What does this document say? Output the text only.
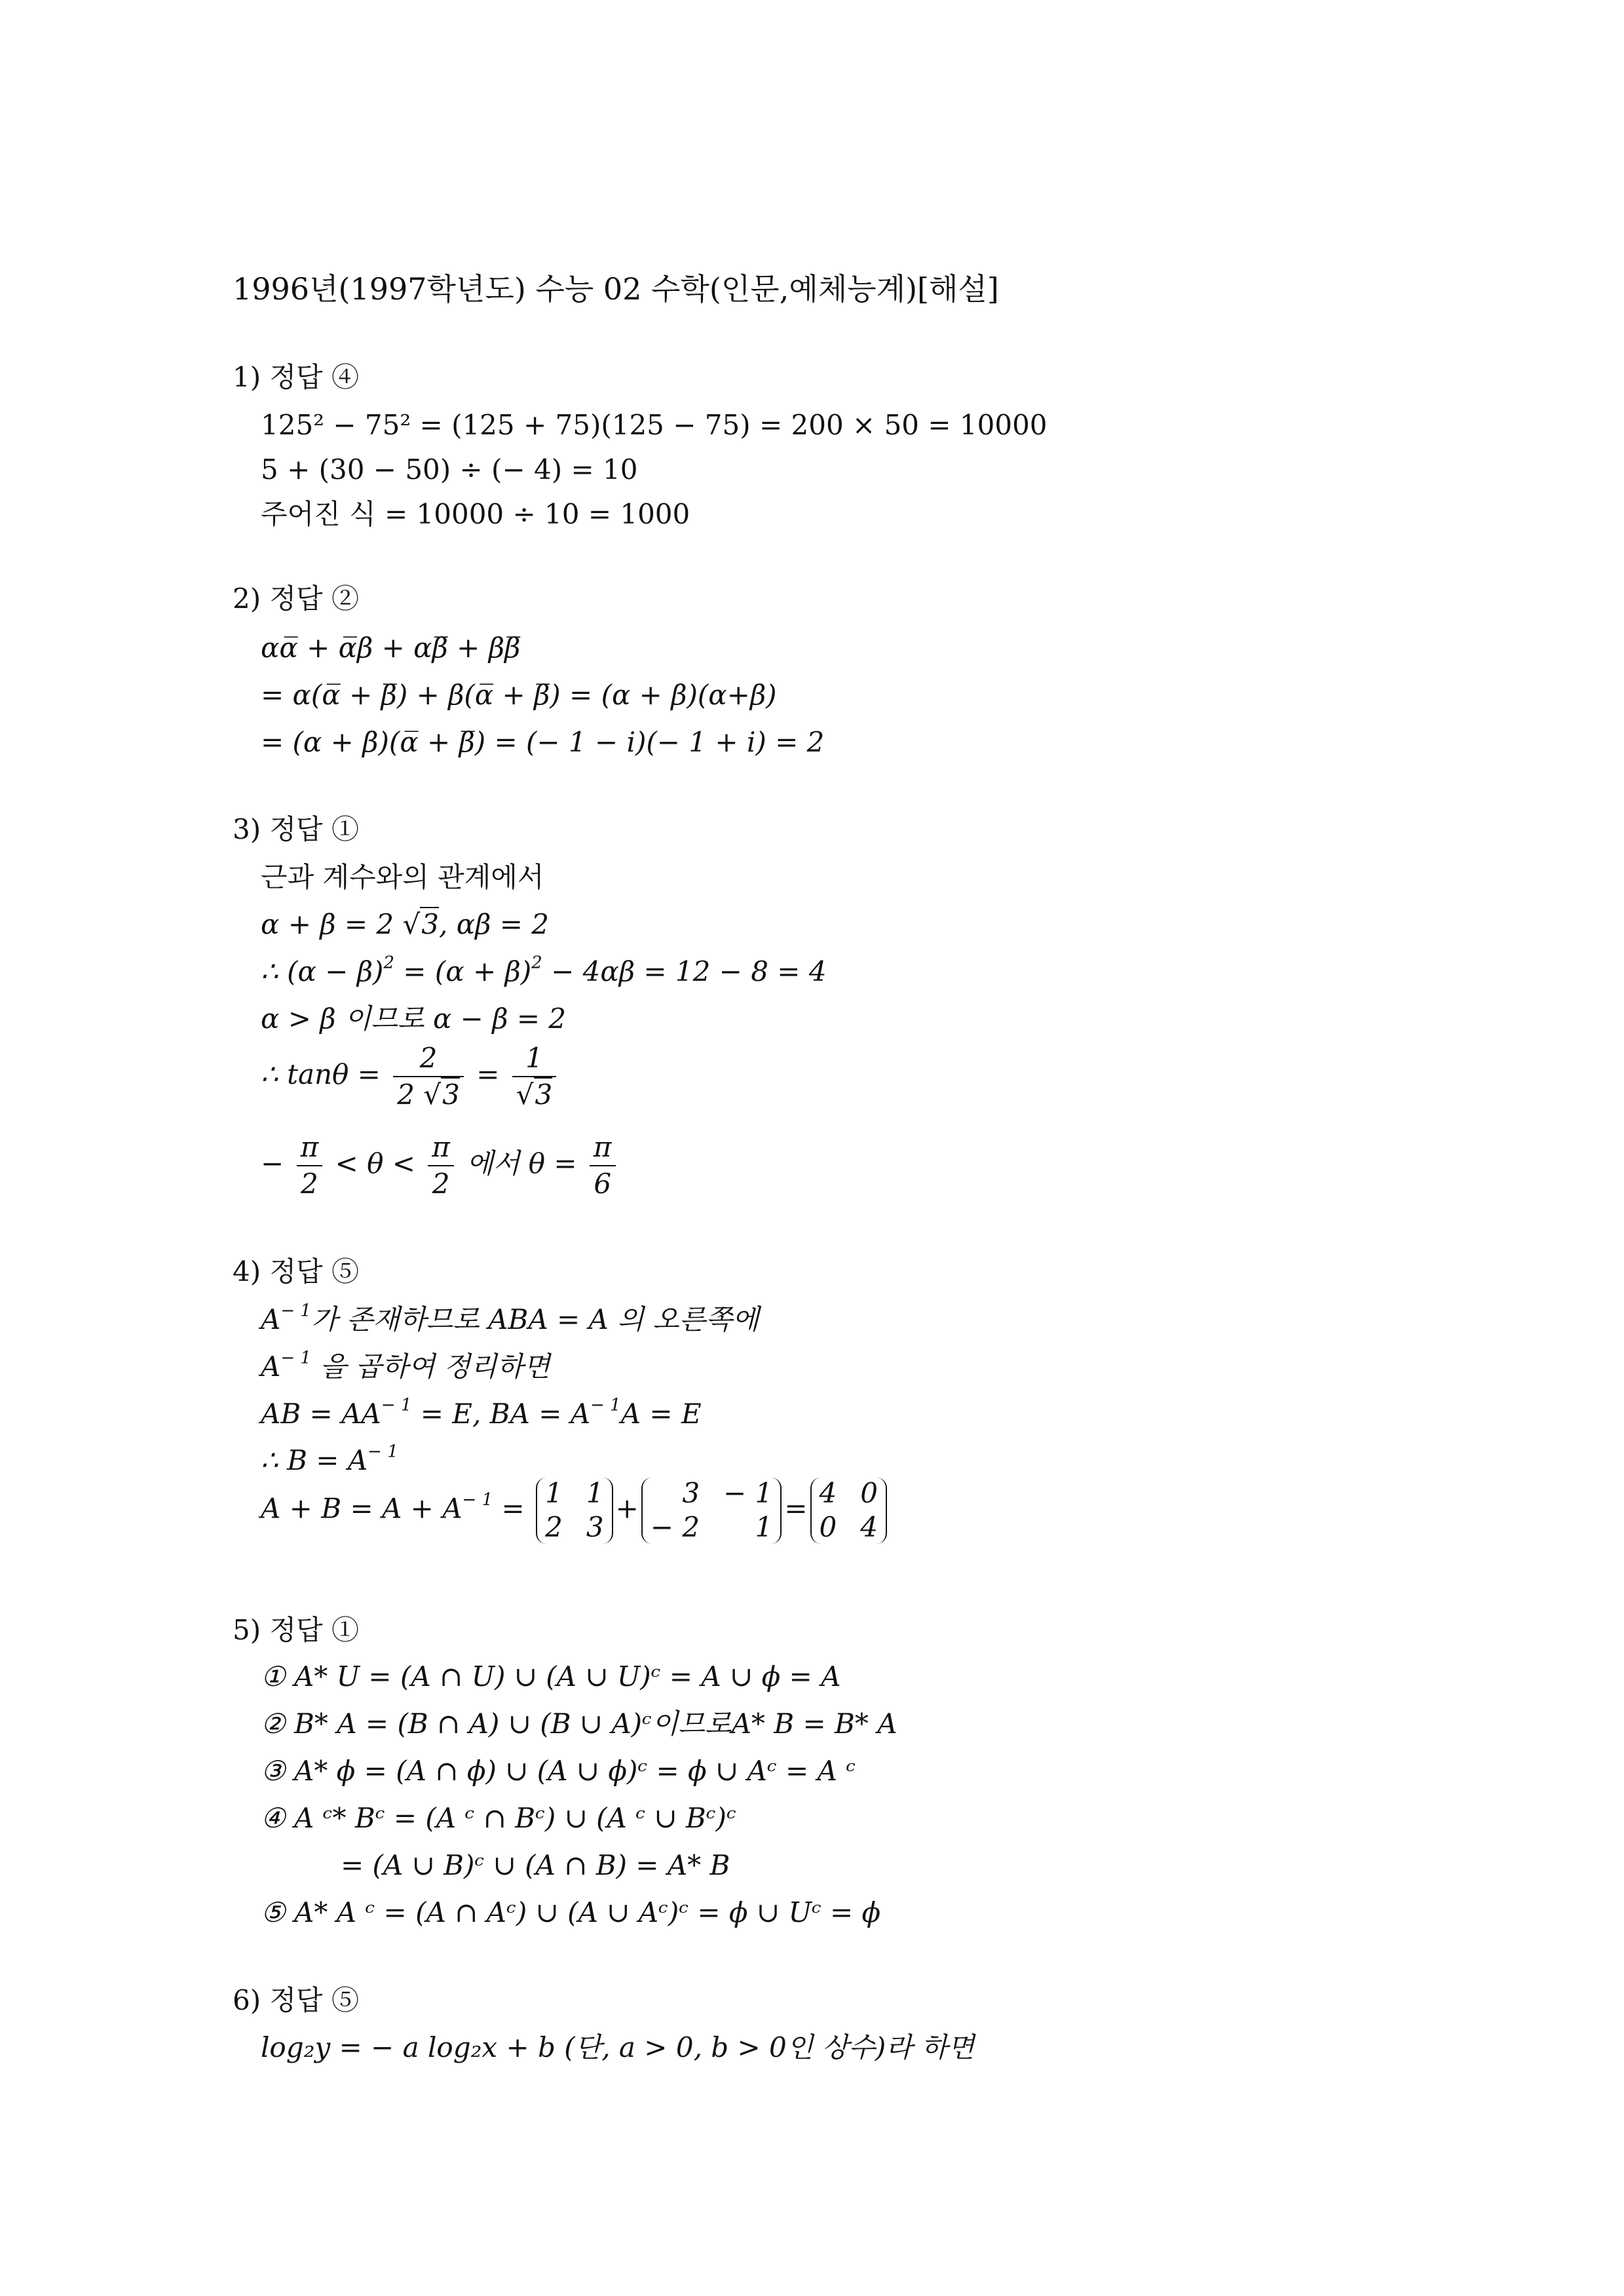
1996년(1997학년도) 수능 02 수학(인문,예체능계)[해설]
1) 정답 ④
125² − 75² = (125 + 75)(125 − 75) = 200 × 50 = 10000
5 + (30 − 50) ÷ (− 4) = 10
주어진 식 = 10000 ÷ 10 = 1000
2) 정답 ②
αα̅ + α̅β + αβ̅ + ββ̅
= α(α̅ + β̅) + β(α̅ + β̅) = (α + β)(α+β)
= (α + β)(α̅ + β̅) = (− 1 − i)(− 1 + i) = 2
3) 정답 ①
근과 계수와의 관계에서
α + β = 2 √3, αβ = 2
∴ $(\alpha - \beta)^2 = (\alpha + \beta)^2 - 4\alpha\beta = 12 - 8 = 4$
α > β 이므로 α − β = 2
∴ $\tan\theta = \frac{2}{2 √3} = \frac{1}{√3}$
− $\frac{\pi}{2} < \theta < \frac{\pi}{2}$ 에서 $\theta = \frac{\pi}{6}$
4) 정답 ⑤
$A^{- 1}$가 존재하므로 ABA = A 의 오른쪽에
$A^{- 1}$ 을 곱하여 정리하면
AB = $AA^{- 1} = E$, BA = $A^{- 1}A = E$
∴ $B = A^{- 1}$
$A + B = A + A^{- 1} = 1$ 1
2 3
+	3 − 1
− 2	1
= 4 0
0 4
5) 정답 ①
① A* U = (A ∩ U) ∪ (A ∪ U)ᶜ = A ∪ ϕ = A
② B* A = (B ∩ A) ∪ (B ∪ A)ᶜ이므로A* B = B* A
③ A* ϕ = (A ∩ ϕ) ∪ (A ∪ ϕ)ᶜ = ϕ ∪ Aᶜ = A ᶜ
④ A ᶜ* Bᶜ = (A ᶜ ∩ Bᶜ) ∪ (A ᶜ ∪ Bᶜ)ᶜ
= (A ∪ B)ᶜ ∪ (A ∩ B) = A* B
⑤ A* A ᶜ = (A ∩ Aᶜ) ∪ (A ∪ Aᶜ)ᶜ = ϕ ∪ Uᶜ = ϕ
6) 정답 ⑤
log₂y = − a log₂x + b (단, a > 0, b > 0인 상수)라 하면
